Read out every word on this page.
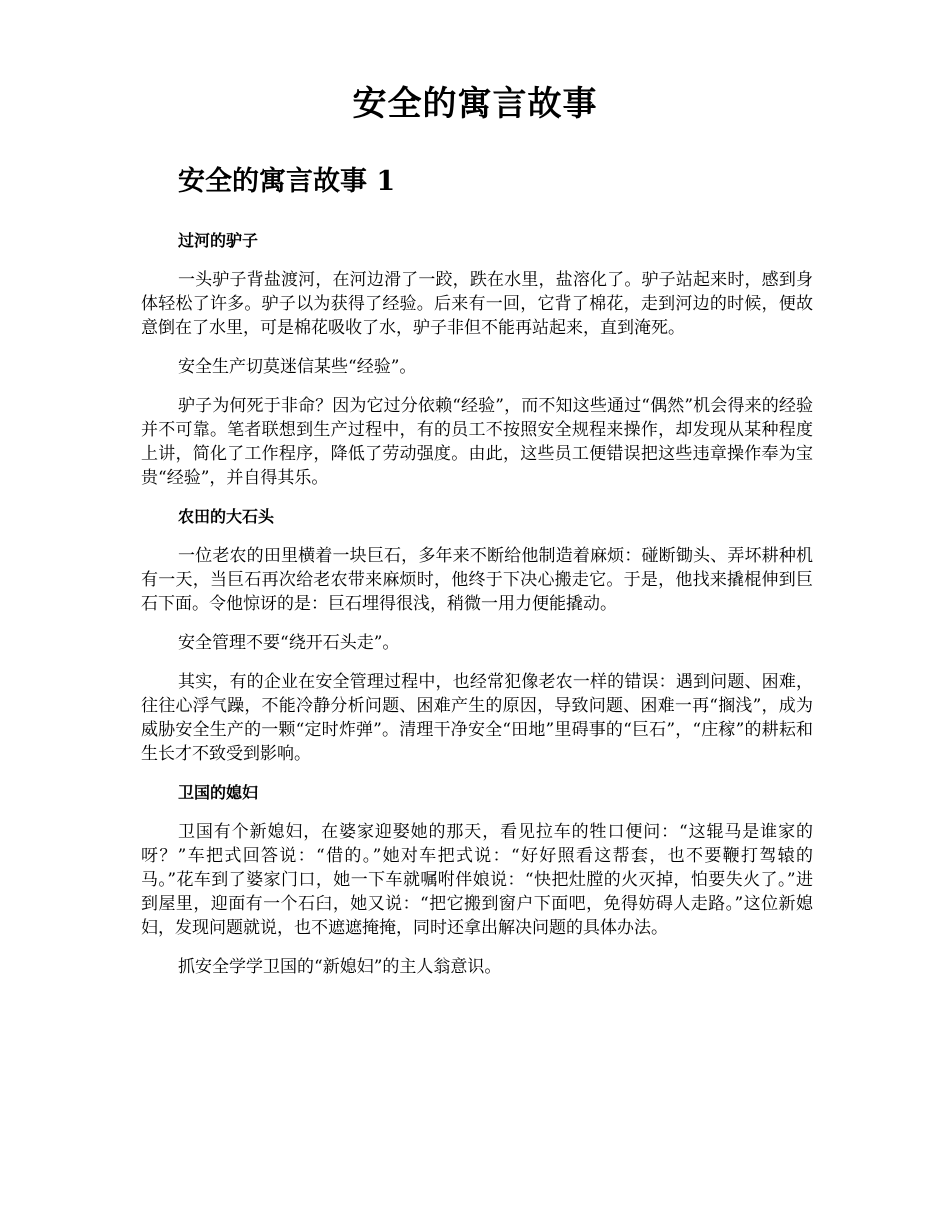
安全的寓言故事
安全的寓言故事 1
过河的驴子

一头驴子背盐渡河，在河边滑了一跤，跌在水里，盐溶化了。驴子站起来时，感到身体轻松了许多。驴子以为获得了经验。后来有一回，它背了棉花，走到河边的时候，便故意倒在了水里，可是棉花吸收了水，驴子非但不能再站起来，直到淹死。

安全生产切莫迷信某些“经验”。

驴子为何死于非命？因为它过分依赖“经验”，而不知这些通过“偶然”机会得来的经验并不可靠。笔者联想到生产过程中，有的员工不按照安全规程来操作，却发现从某种程度上讲，简化了工作程序，降低了劳动强度。由此，这些员工便错误把这些违章操作奉为宝贵“经验”，并自得其乐。

农田的大石头

一位老农的田里横着一块巨石，多年来不断给他制造着麻烦：碰断锄头、弄坏耕种机有一天，当巨石再次给老农带来麻烦时，他终于下决心搬走它。于是，他找来撬棍伸到巨石下面。令他惊讶的是：巨石埋得很浅，稍微一用力便能撬动。

安全管理不要“绕开石头走”。

其实，有的企业在安全管理过程中，也经常犯像老农一样的错误：遇到问题、困难，往往心浮气躁，不能冷静分析问题、困难产生的原因，导致问题、困难一再“搁浅”，成为威胁安全生产的一颗“定时炸弹”。清理干净安全“田地”里碍事的“巨石”，“庄稼”的耕耘和生长才不致受到影响。

卫国的媳妇

卫国有个新媳妇，在婆家迎娶她的那天，看见拉车的牲口便问：“这辊马是谁家的呀？”车把式回答说：“借的。”她对车把式说：“好好照看这帮套，也不要鞭打驾辕的马。”花车到了婆家门口，她一下车就嘱咐伴娘说：“快把灶膛的火灭掉，怕要失火了。”进到屋里，迎面有一个石臼，她又说：“把它搬到窗户下面吧，免得妨碍人走路。”这位新媳妇，发现问题就说，也不遮遮掩掩，同时还拿出解决问题的具体办法。

抓安全学学卫国的“新媳妇”的主人翁意识。
